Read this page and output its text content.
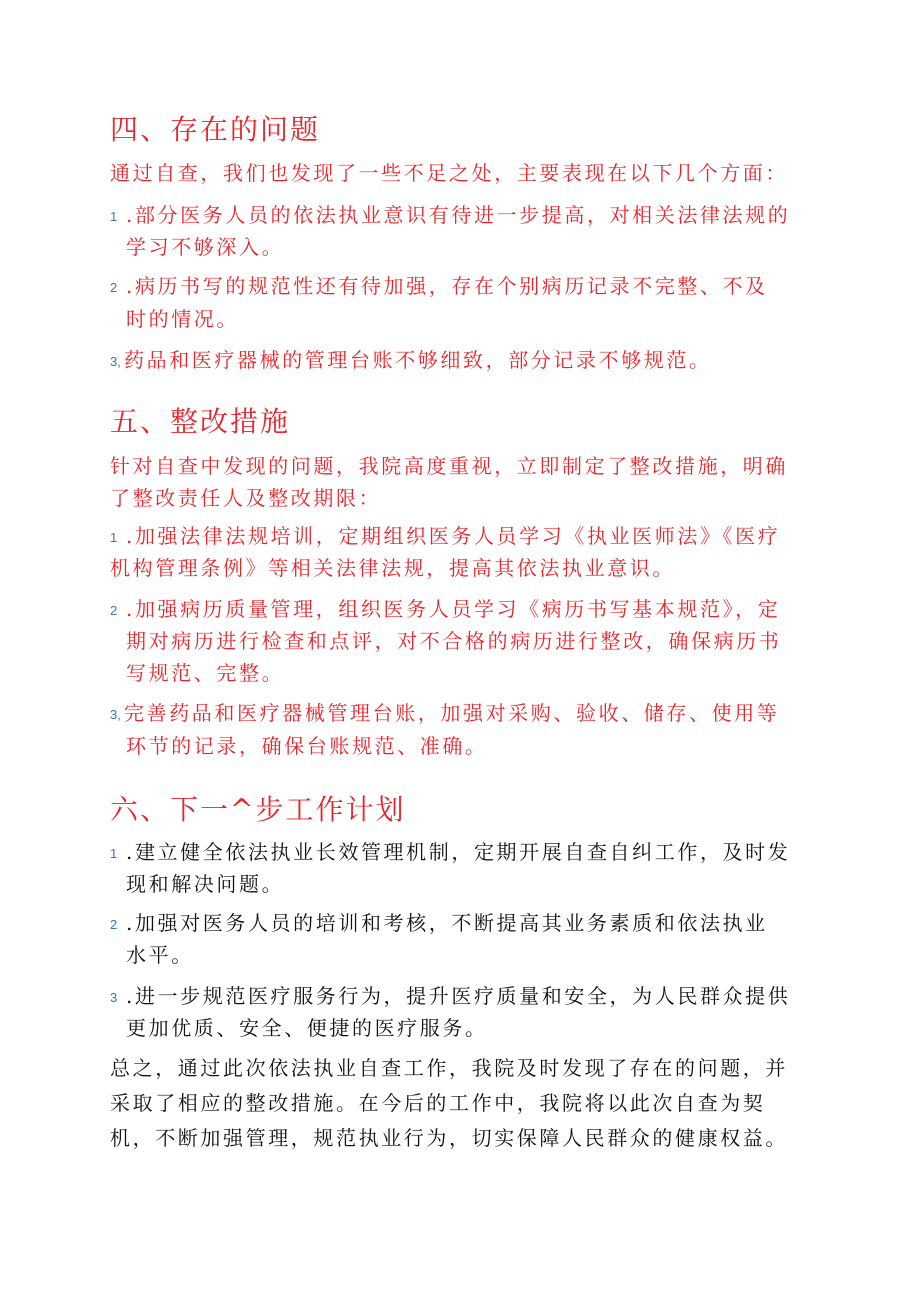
四、存在的问题
通过自查，我们也发现了一些不足之处，主要表现在以下几个方面：
1 .部分医务人员的依法执业意识有待进一步提高，对相关法律法规的
学习不够深入。
2 .病历书写的规范性还有待加强，存在个别病历记录不完整、不及
时的情况。
3, 药品和医疗器械的管理台账不够细致，部分记录不够规范。
五、整改措施
针对自查中发现的问题，我院高度重视，立即制定了整改措施，明确
了整改责任人及整改期限：
1 .加强法律法规培训，定期组织医务人员学习《执业医师法》《医疗
机构管理条例》等相关法律法规，提高其依法执业意识。
2 .加强病历质量管理，组织医务人员学习《病历书写基本规范》，定
期对病历进行检查和点评，对不合格的病历进行整改，确保病历书
写规范、完整。
3, 完善药品和医疗器械管理台账，加强对采购、验收、储存、使用等
环节的记录，确保台账规范、准确。
六、下一^步工作计划
1 .建立健全依法执业长效管理机制，定期开展自查自纠工作，及时发
现和解决问题。
2 .加强对医务人员的培训和考核，不断提高其业务素质和依法执业
水平。
3 .进一步规范医疗服务行为，提升医疗质量和安全，为人民群众提供
更加优质、安全、便捷的医疗服务。
总之，通过此次依法执业自查工作，我院及时发现了存在的问题，并
采取了相应的整改措施。在今后的工作中，我院将以此次自查为契
机，不断加强管理，规范执业行为，切实保障人民群众的健康权益。
